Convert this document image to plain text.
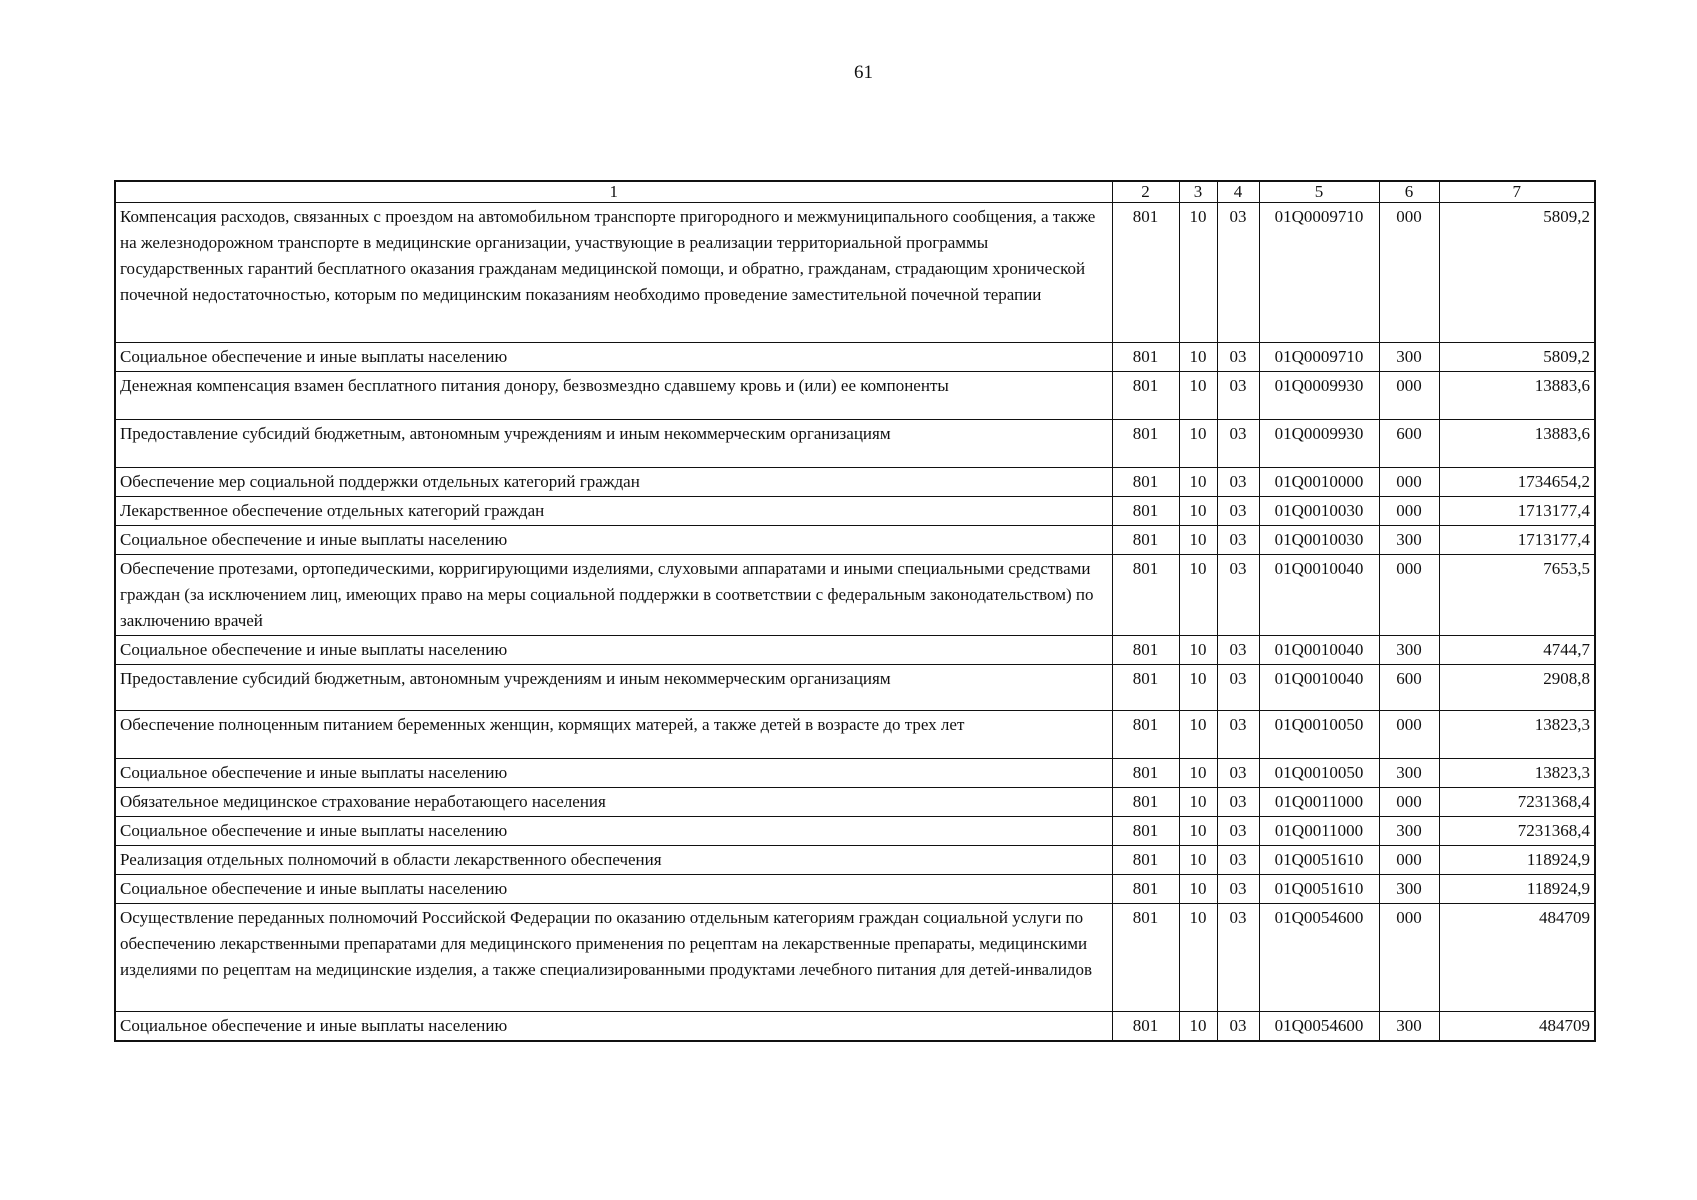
61
1	2	3	4	5	6	7
Компенсация расходов, связанных с проездом на автомобильном транспорте пригородного и межмуниципального сообщения, а также на железнодорожном транспорте в медицинские организации, участвующие в реализации территориальной программы государственных гарантий бесплатного оказания гражданам медицинской помощи, и обратно, гражданам, страдающим хронической почечной недостаточностью, которым по медицинским показаниям необходимо проведение заместительной почечной терапии	801	10	03	01Q0009710	000	5809,2
Социальное обеспечение и иные выплаты населению	801	10	03	01Q0009710	300	5809,2
Денежная компенсация взамен бесплатного питания донору, безвозмездно сдавшему кровь и (или) ее компоненты	801	10	03	01Q0009930	000	13883,6
Предоставление субсидий бюджетным, автономным учреждениям и иным некоммерческим организациям	801	10	03	01Q0009930	600	13883,6
Обеспечение мер социальной поддержки отдельных категорий граждан	801	10	03	01Q0010000	000	1734654,2
Лекарственное обеспечение отдельных категорий граждан	801	10	03	01Q0010030	000	1713177,4
Социальное обеспечение и иные выплаты населению	801	10	03	01Q0010030	300	1713177,4
Обеспечение протезами, ортопедическими, корригирующими изделиями, слуховыми аппаратами и иными специальными средствами граждан (за исключением лиц, имеющих право на меры социальной поддержки в соответствии с федеральным законодательством) по заключению врачей	801	10	03	01Q0010040	000	7653,5
Социальное обеспечение и иные выплаты населению	801	10	03	01Q0010040	300	4744,7
Предоставление субсидий бюджетным, автономным учреждениям и иным некоммерческим организациям	801	10	03	01Q0010040	600	2908,8
Обеспечение полноценным питанием беременных женщин, кормящих матерей, а также детей в возрасте до трех лет	801	10	03	01Q0010050	000	13823,3
Социальное обеспечение и иные выплаты населению	801	10	03	01Q0010050	300	13823,3
Обязательное медицинское страхование неработающего населения	801	10	03	01Q0011000	000	7231368,4
Социальное обеспечение и иные выплаты населению	801	10	03	01Q0011000	300	7231368,4
Реализация отдельных полномочий в области лекарственного обеспечения	801	10	03	01Q0051610	000	118924,9
Социальное обеспечение и иные выплаты населению	801	10	03	01Q0051610	300	118924,9
Осуществление переданных полномочий Российской Федерации по оказанию отдельным категориям граждан социальной услуги по обеспечению лекарственными препаратами для медицинского применения по рецептам на лекарственные препараты, медицинскими изделиями по рецептам на медицинские изделия, а также специализированными продуктами лечебного питания для детей-инвалидов	801	10	03	01Q0054600	000	484709
Социальное обеспечение и иные выплаты населению	801	10	03	01Q0054600	300	484709
